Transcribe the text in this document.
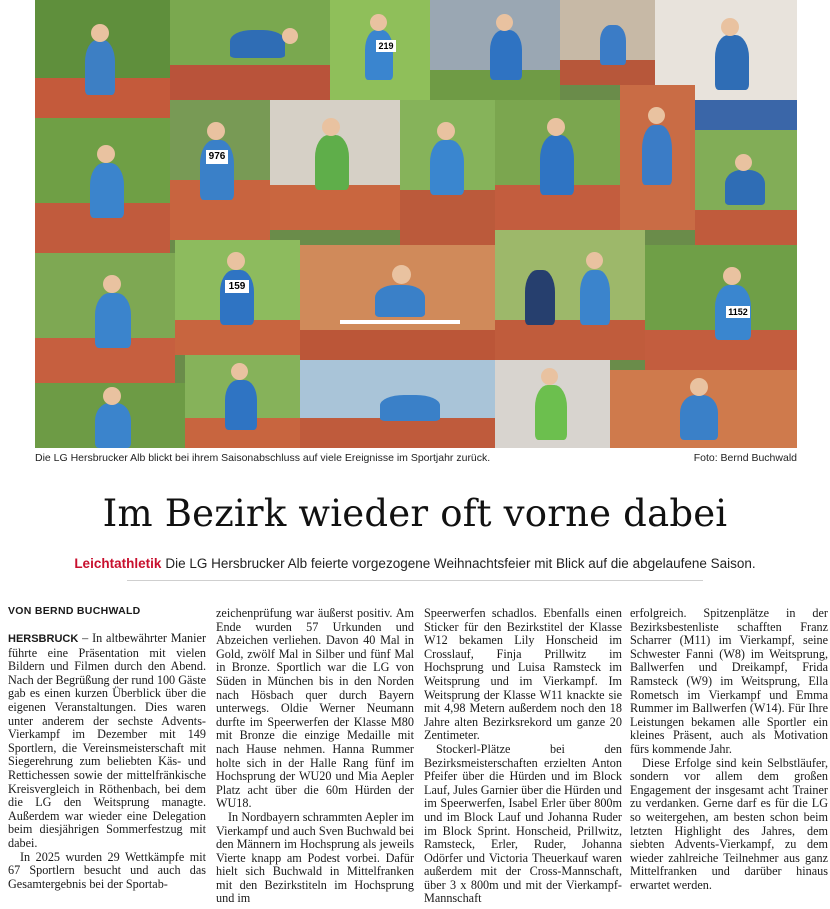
976
159
Die LG Hersbrucker Alb blickt bei ihrem Saisonabschluss auf viele Ereignisse im Sportjahr zurück.	Foto: Bernd Buchwald
Im Bezirk wieder oft vorne dabei
Leichtathletik Die LG Hersbrucker Alb feierte vorgezogene Weihnachtsfeier mit Blick auf die abgelaufene Saison.
VON BERND BUCHWALD

HERSBRUCK – In altbewährter Manier führte eine Präsentation mit vielen Bildern und Filmen durch den Abend. Nach der Begrüßung der rund 100 Gäste gab es einen kurzen Überblick über die eigenen Veranstaltungen. Dies waren unter anderem der sechste Advents-Vierkampf im Dezember mit 149 Sportlern, die Vereinsmeisterschaft mit Siegerehrung zum beliebten Käs- und Rettichessen sowie der mittelfränkische Kreisvergleich in Röthenbach, bei dem die LG den Weitsprung managte. Außerdem war wieder eine Delegation beim diesjährigen Sommerfestzug mit dabei.

In 2025 wurden 29 Wettkämpfe mit 67 Sportlern besucht und auch das Gesamtergebnis bei der Sportab-

zeichenprüfung war äußerst positiv. Am Ende wurden 57 Urkunden und Abzeichen verliehen. Davon 40 Mal in Gold, zwölf Mal in Silber und fünf Mal in Bronze. Sportlich war die LG von Süden in München bis in den Norden nach Hösbach quer durch Bayern unterwegs. Oldie Werner Neumann durfte im Speerwerfen der Klasse M80 mit Bronze die einzige Medaille mit nach Hause nehmen. Hanna Rummer holte sich in der Halle Rang fünf im Hochsprung der WU20 und Mia Aepler Platz acht über die 60m Hürden der WU18.

In Nordbayern schrammten Aepler im Vierkampf und auch Sven Buchwald bei den Männern im Hochsprung als jeweils Vierte knapp am Podest vorbei. Dafür hielt sich Buchwald in Mittelfranken mit den Bezirkstiteln im Hochsprung und im

Speerwerfen schadlos. Ebenfalls einen Sticker für den Bezirkstitel der Klasse W12 bekamen Lily Honscheid im Crosslauf, Finja Prillwitz im Hochsprung und Luisa Ramsteck im Weitsprung und im Vierkampf. Im Weitsprung der Klasse W11 knackte sie mit 4,98 Metern außerdem noch den 18 Jahre alten Bezirksrekord um ganze 20 Zentimeter.

Stockerl-Plätze bei den Bezirksmeisterschaften erzielten Anton Pfeifer über die Hürden und im Block Lauf, Jules Garnier über die Hürden und im Speerwerfen, Isabel Erler über 800m und im Block Lauf und Johanna Ruder im Block Sprint. Honscheid, Prillwitz, Ramsteck, Erler, Ruder, Johanna Odörfer und Victoria Theuerkauf waren außerdem mit der Cross-Mannschaft, über 3 x 800m und mit der Vierkampf-Mannschaft

erfolgreich. Spitzenplätze in der Bezirksbestenliste schafften Franz Scharrer (M11) im Vierkampf, seine Schwester Fanni (W8) im Weitsprung, Ballwerfen und Dreikampf, Frida Ramsteck (W9) im Weitsprung, Ella Rometsch im Vierkampf und Emma Rummer im Ballwerfen (W14). Für Ihre Leistungen bekamen alle Sportler ein kleines Präsent, auch als Motivation fürs kommende Jahr.

Diese Erfolge sind kein Selbstläufer, sondern vor allem dem großen Engagement der insgesamt acht Trainer zu verdanken. Gerne darf es für die LG so weitergehen, am besten schon beim letzten Highlight des Jahres, dem siebten Advents-Vierkampf, zu dem wieder zahlreiche Teilnehmer aus ganz Mittelfranken und darüber hinaus erwartet werden.

219
1152
